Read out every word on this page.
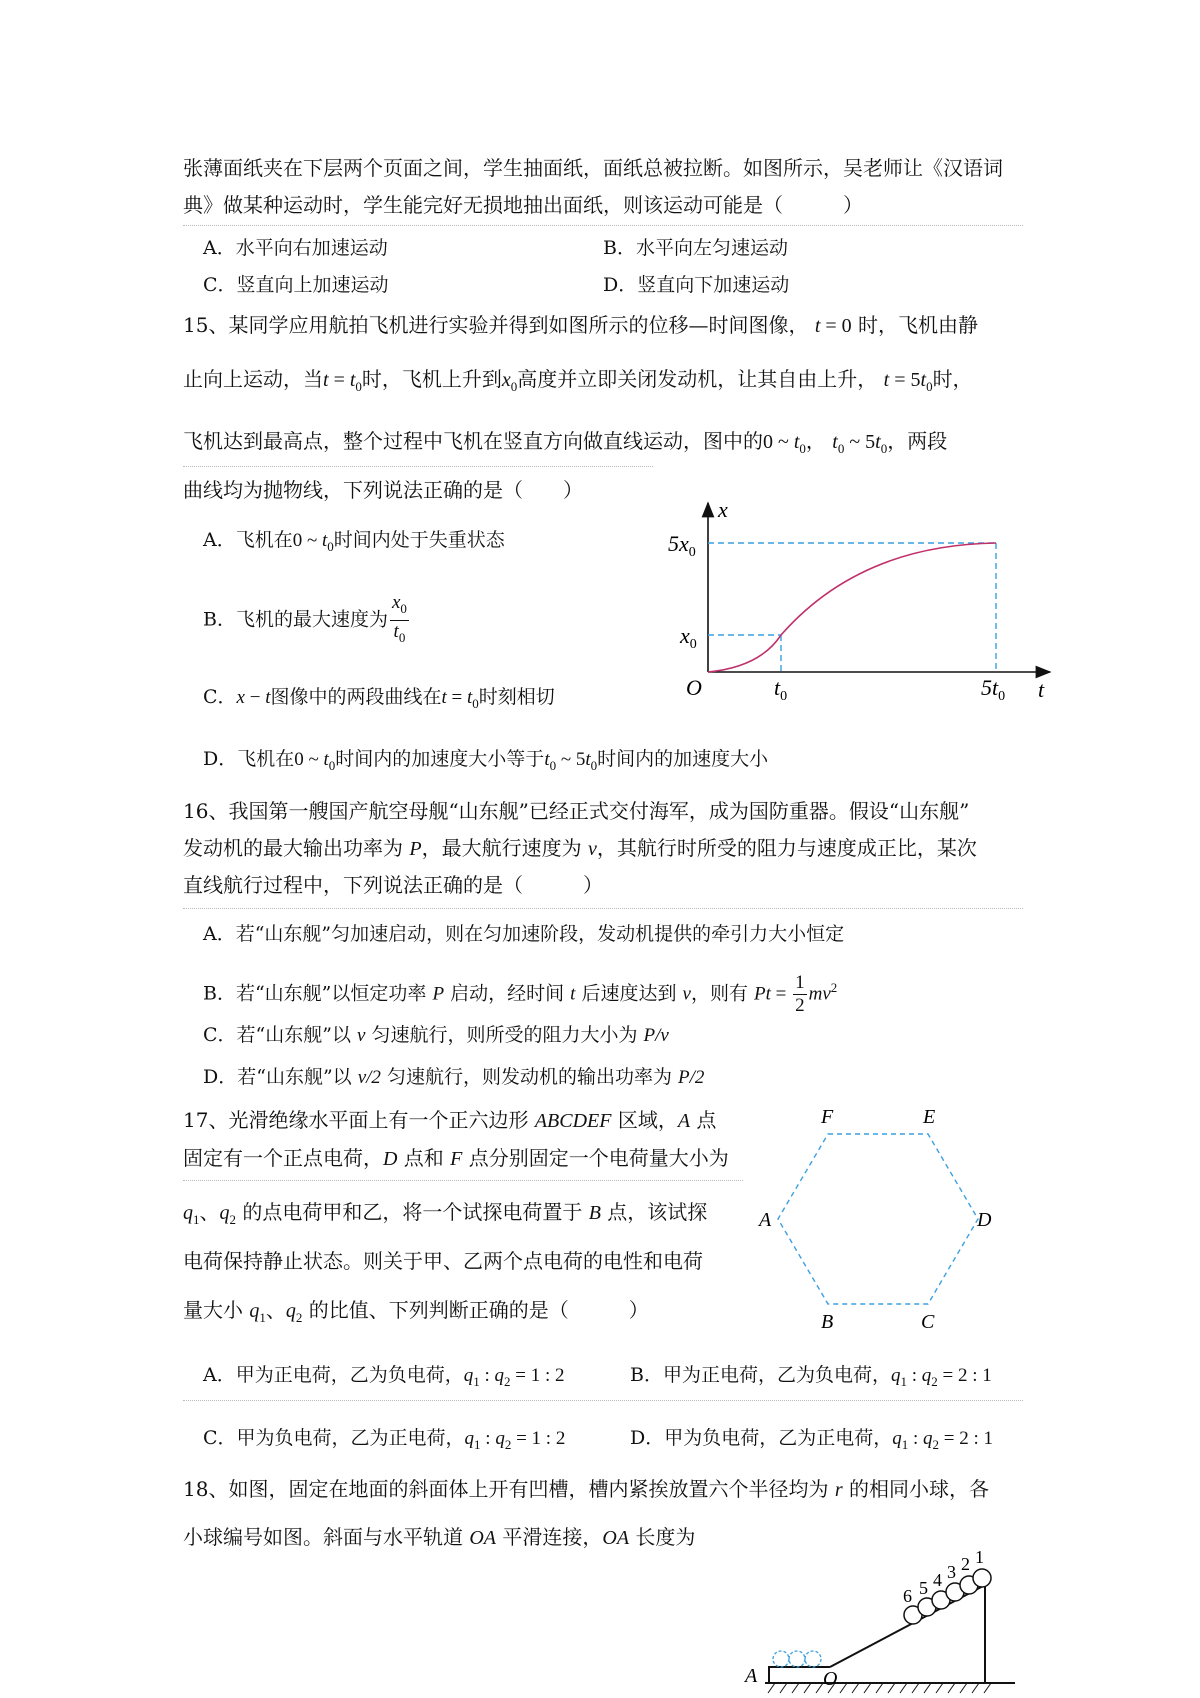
张薄面纸夹在下层两个页面之间，学生抽面纸，面纸总被拉断。如图所示，吴老师让《汉语词
典》做某种运动时，学生能完好无损地抽出面纸，则该运动可能是（　　　）
A．水平向右加速运动	B．水平向左匀速运动
C．竖直向上加速运动	D．竖直向下加速运动
15、某同学应用航拍飞机进行实验并得到如图所示的位移—时间图像， t = 0 时，飞机由静
止向上运动，当$t = t_0$时，飞机上升到$x_0$高度并立即关闭发动机，让其自由上升， $t = 5t_0$时，
飞机达到最高点，整个过程中飞机在竖直方向做直线运动，图中的0 ~ $t_0$， $t_0$ ~ $5t_0$，两段
曲线均为抛物线，下列说法正确的是（　　）
A．飞机在0 ~ $t_0$时间内处于失重状态
B．飞机的最大速度为 $\frac{x_0}{t_0}$
C．x − t图像中的两段曲线在$t = t_0$时刻相切
D．飞机在0 ~ $t_0$时间内的加速度大小等于$t_0$ ~ $5t_0$时间内的加速度大小
x
t
O
$5x_0$
$x_0$
$t_0$	$5t_0$
16、我国第一艘国产航空母舰“山东舰”已经正式交付海军，成为国防重器。假设“山东舰”
发动机的最大输出功率为 P，最大航行速度为 v，其航行时所受的阻力与速度成正比，某次
直线航行过程中，下列说法正确的是（　　　）
A．若“山东舰”匀加速启动，则在匀加速阶段，发动机提供的牵引力大小恒定
B．若“山东舰”以恒定功率 P 启动，经时间 t 后速度达到 v，则有 $Pt = \frac{1}{2} mv^2$
C．若“山东舰”以 v 匀速航行，则所受的阻力大小为 P/v
D．若“山东舰”以 v/2 匀速航行，则发动机的输出功率为 P/2
17、光滑绝缘水平面上有一个正六边形 ABCDEF 区域，A 点
固定有一个正点电荷，D 点和 F 点分别固定一个电荷量大小为
$q_1$、$q_2$ 的点电荷甲和乙，将一个试探电荷置于 B 点，该试探
电荷保持静止状态。则关于甲、乙两个点电荷的电性和电荷
量大小 $q_1$、$q_2$ 的比值、下列判断正确的是（　　　）
A．甲为正电荷，乙为负电荷，$q_1$ : $q_2 = 1$ : 2	B．甲为正电荷，乙为负电荷，$q_1$ : $q_2 = 2$ : 1
C．甲为负电荷，乙为正电荷，$q_1$ : $q_2 = 1$ : 2	D．甲为负电荷，乙为正电荷，$q_1$ : $q_2 = 2$ : 1
F	E
A	D
B	C
18、如图，固定在地面的斜面体上开有凹槽，槽内紧挨放置六个半径均为 r 的相同小球，各
小球编号如图。斜面与水平轨道 OA 平滑连接，OA 长度为
1
2
3
4
5
6
A	O
